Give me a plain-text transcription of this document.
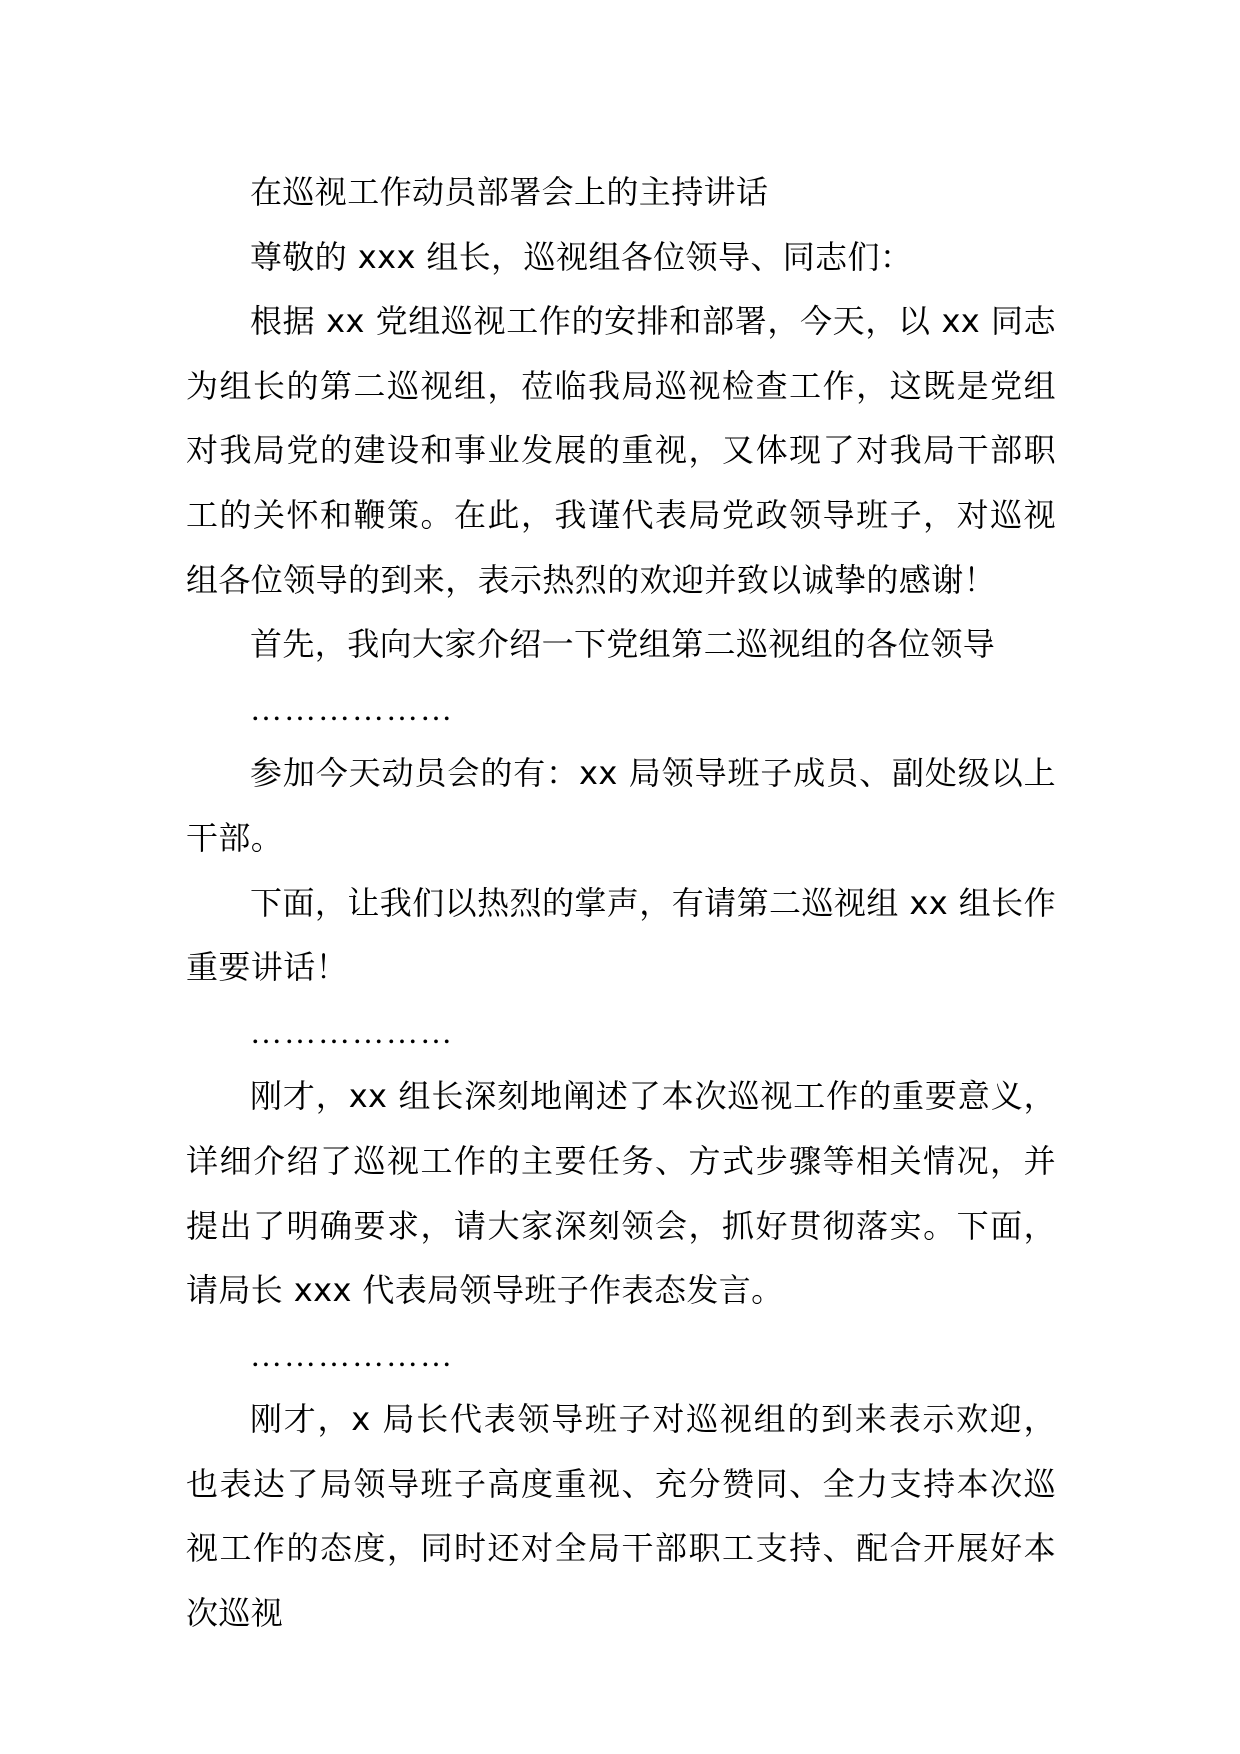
在巡视工作动员部署会上的主持讲话

尊敬的 xxx 组长，巡视组各位领导、同志们：

根据 xx 党组巡视工作的安排和部署，今天，以 xx 同志为组长的第二巡视组，莅临我局巡视检查工作，这既是党组对我局党的建设和事业发展的重视，又体现了对我局干部职工的关怀和鞭策。在此，我谨代表局党政领导班子，对巡视组各位领导的到来，表示热烈的欢迎并致以诚挚的感谢！

首先，我向大家介绍一下党组第二巡视组的各位领导

………………

参加今天动员会的有：xx 局领导班子成员、副处级以上干部。

下面，让我们以热烈的掌声，有请第二巡视组 xx 组长作重要讲话！

………………

刚才，xx 组长深刻地阐述了本次巡视工作的重要意义，详细介绍了巡视工作的主要任务、方式步骤等相关情况，并提出了明确要求，请大家深刻领会，抓好贯彻落实。下面，请局长 xxx 代表局领导班子作表态发言。

………………

刚才，x 局长代表领导班子对巡视组的到来表示欢迎，也表达了局领导班子高度重视、充分赞同、全力支持本次巡视工作的态度，同时还对全局干部职工支持、配合开展好本次巡视
